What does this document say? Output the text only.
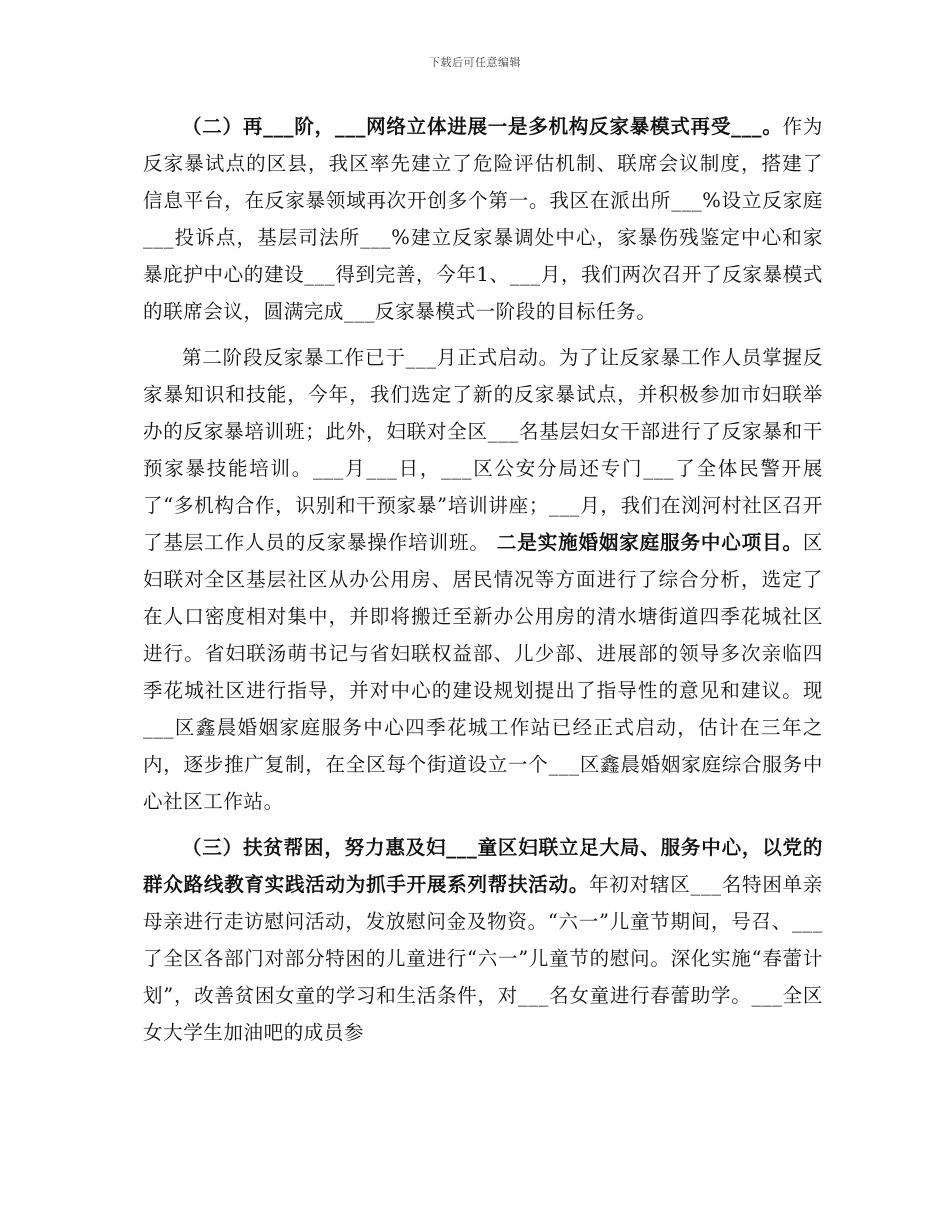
下载后可任意编辑

（二）再___阶，___网络立体进展一是多机构反家暴模式再受___。作为反家暴试点的区县，我区率先建立了危险评估机制、联席会议制度，搭建了信息平台，在反家暴领域再次开创多个第一。我区在派出所___%设立反家庭___投诉点，基层司法所___%建立反家暴调处中心，家暴伤残鉴定中心和家暴庇护中心的建设___得到完善，今年1、___月，我们两次召开了反家暴模式的联席会议，圆满完成___反家暴模式一阶段的目标任务。

第二阶段反家暴工作已于___月正式启动。为了让反家暴工作人员掌握反家暴知识和技能，今年，我们选定了新的反家暴试点，并积极参加市妇联举办的反家暴培训班；此外，妇联对全区___名基层妇女干部进行了反家暴和干预家暴技能培训。___月___日，___区公安分局还专门___了全体民警开展了“多机构合作，识别和干预家暴”培训讲座；___月，我们在浏河村社区召开了基层工作人员的反家暴操作培训班。 二是实施婚姻家庭服务中心项目。区妇联对全区基层社区从办公用房、居民情况等方面进行了综合分析，选定了在人口密度相对集中，并即将搬迁至新办公用房的清水塘街道四季花城社区进行。省妇联汤萌书记与省妇联权益部、儿少部、进展部的领导多次亲临四季花城社区进行指导，并对中心的建设规划提出了指导性的意见和建议。现___区鑫晨婚姻家庭服务中心四季花城工作站已经正式启动，估计在三年之内，逐步推广复制，在全区每个街道设立一个___区鑫晨婚姻家庭综合服务中心社区工作站。

（三）扶贫帮困，努力惠及妇___童区妇联立足大局、服务中心，以党的群众路线教育实践活动为抓手开展系列帮扶活动。年初对辖区___名特困单亲母亲进行走访慰问活动，发放慰问金及物资。“六一”儿童节期间，号召、___了全区各部门对部分特困的儿童进行“六一”儿童节的慰问。深化实施“春蕾计划”，改善贫困女童的学习和生活条件，对___名女童进行春蕾助学。___全区女大学生加油吧的成员参
